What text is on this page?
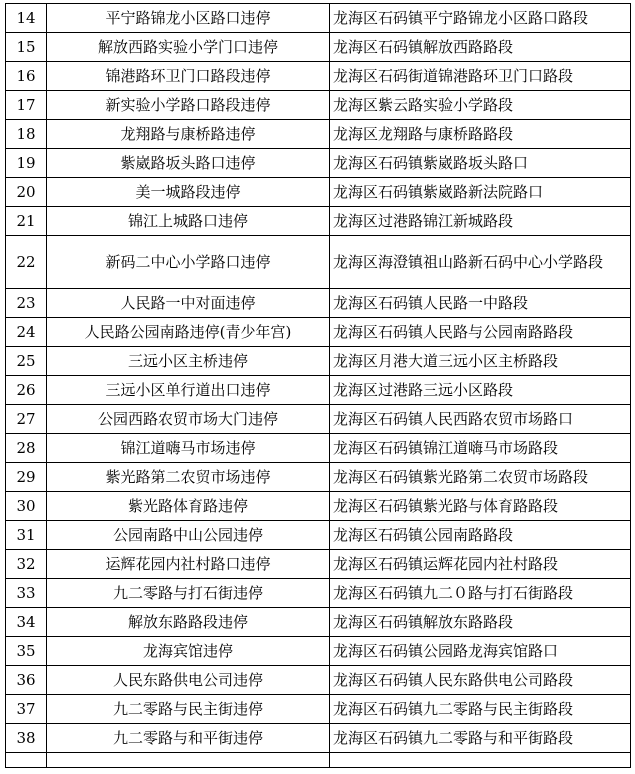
14	平宁路锦龙小区路口违停	龙海区石码镇平宁路锦龙小区路口路段
15	解放西路实验小学门口违停	龙海区石码镇解放西路路段
16	锦港路环卫门口路段违停	龙海区石码街道锦港路环卫门口路段
17	新实验小学路口路段违停	龙海区紫云路实验小学路段
18	龙翔路与康桥路违停	龙海区龙翔路与康桥路路段
19	紫崴路坂头路口违停	龙海区石码镇紫崴路坂头路口
20	美一城路段违停	龙海区石码镇紫崴路新法院路口
21	锦江上城路口违停	龙海区过港路锦江新城路段
22	新码二中心小学路口违停	龙海区海澄镇祖山路新石码中心小学路段
23	人民路一中对面违停	龙海区石码镇人民路一中路段
24	人民路公园南路违停(青少年宫)	龙海区石码镇人民路与公园南路路段
25	三远小区主桥违停	龙海区月港大道三远小区主桥路段
26	三远小区单行道出口违停	龙海区过港路三远小区路段
27	公园西路农贸市场大门违停	龙海区石码镇人民西路农贸市场路口
28	锦江道嗨马市场违停	龙海区石码镇锦江道嗨马市场路段
29	紫光路第二农贸市场违停	龙海区石码镇紫光路第二农贸市场路段
30	紫光路体育路违停	龙海区石码镇紫光路与体育路路段
31	公园南路中山公园违停	龙海区石码镇公园南路路段
32	运辉花园内社村路口违停	龙海区石码镇运辉花园内社村路段
33	九二零路与打石街违停	龙海区石码镇九二０路与打石街路段
34	解放东路路段违停	龙海区石码镇解放东路路段
35	龙海宾馆违停	龙海区石码镇公园路龙海宾馆路口
36	人民东路供电公司违停	龙海区石码镇人民东路供电公司路段
37	九二零路与民主街违停	龙海区石码镇九二零路与民主街路段
38	九二零路与和平街违停	龙海区石码镇九二零路与和平街路段
